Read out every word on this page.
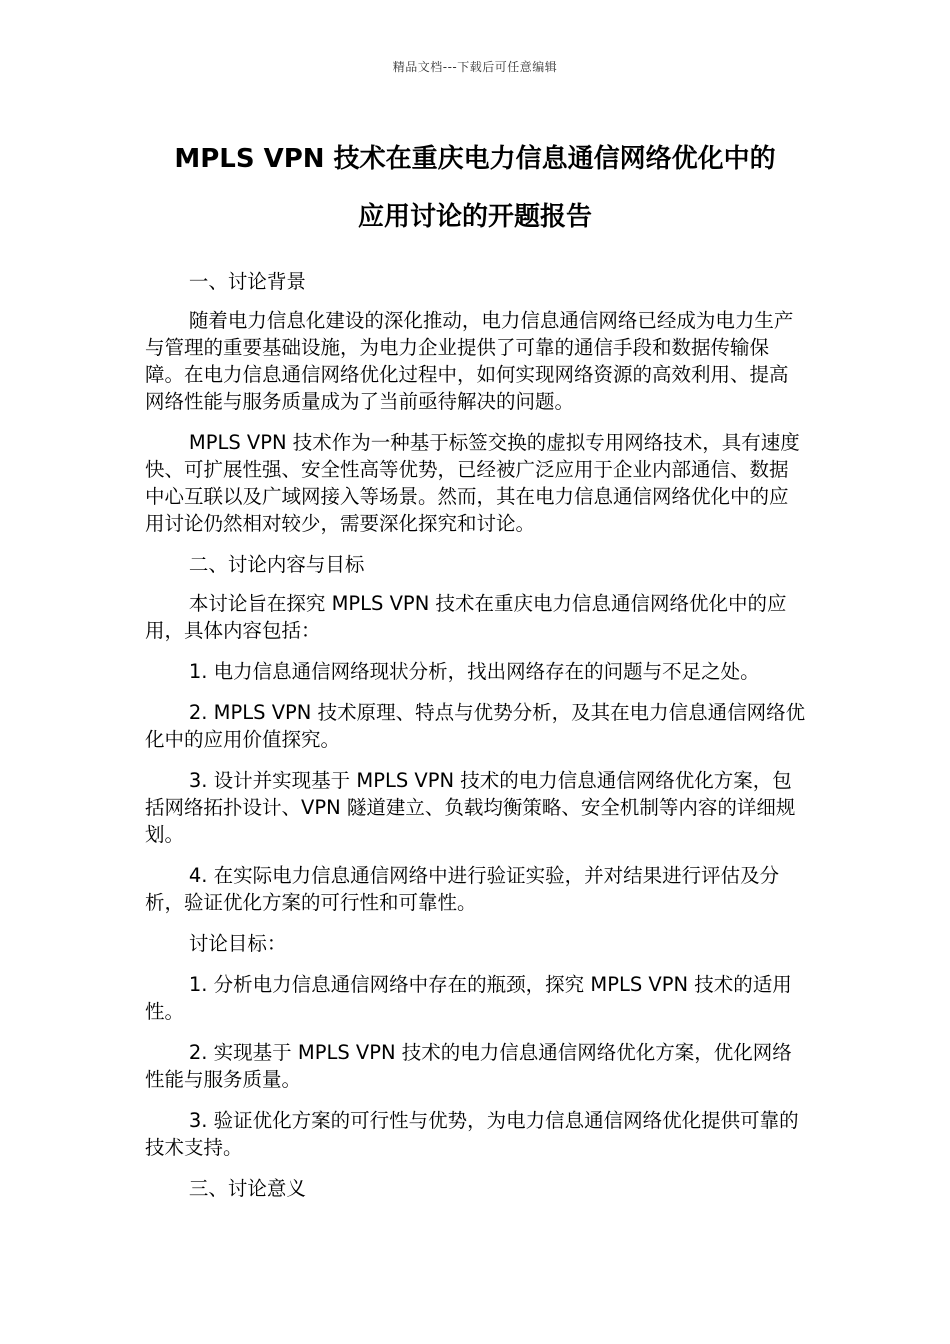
精品文档---下载后可任意编辑
MPLS VPN 技术在重庆电力信息通信网络优化中的
应用讨论的开题报告

一、讨论背景

随着电力信息化建设的深化推动，电力信息通信网络已经成为电力生产与管理的重要基础设施，为电力企业提供了可靠的通信手段和数据传输保障。在电力信息通信网络优化过程中，如何实现网络资源的高效利用、提高网络性能与服务质量成为了当前亟待解决的问题。

MPLS VPN 技术作为一种基于标签交换的虚拟专用网络技术，具有速度快、可扩展性强、安全性高等优势，已经被广泛应用于企业内部通信、数据中心互联以及广域网接入等场景。然而，其在电力信息通信网络优化中的应用讨论仍然相对较少，需要深化探究和讨论。

二、讨论内容与目标

本讨论旨在探究 MPLS VPN 技术在重庆电力信息通信网络优化中的应用，具体内容包括：

1. 电力信息通信网络现状分析，找出网络存在的问题与不足之处。

2. MPLS VPN 技术原理、特点与优势分析，及其在电力信息通信网络优化中的应用价值探究。

3. 设计并实现基于 MPLS VPN 技术的电力信息通信网络优化方案，包括网络拓扑设计、VPN 隧道建立、负载均衡策略、安全机制等内容的详细规划。

4. 在实际电力信息通信网络中进行验证实验，并对结果进行评估及分析，验证优化方案的可行性和可靠性。

讨论目标：

1. 分析电力信息通信网络中存在的瓶颈，探究 MPLS VPN 技术的适用性。

2. 实现基于 MPLS VPN 技术的电力信息通信网络优化方案，优化网络性能与服务质量。

3. 验证优化方案的可行性与优势，为电力信息通信网络优化提供可靠的技术支持。

三、讨论意义
